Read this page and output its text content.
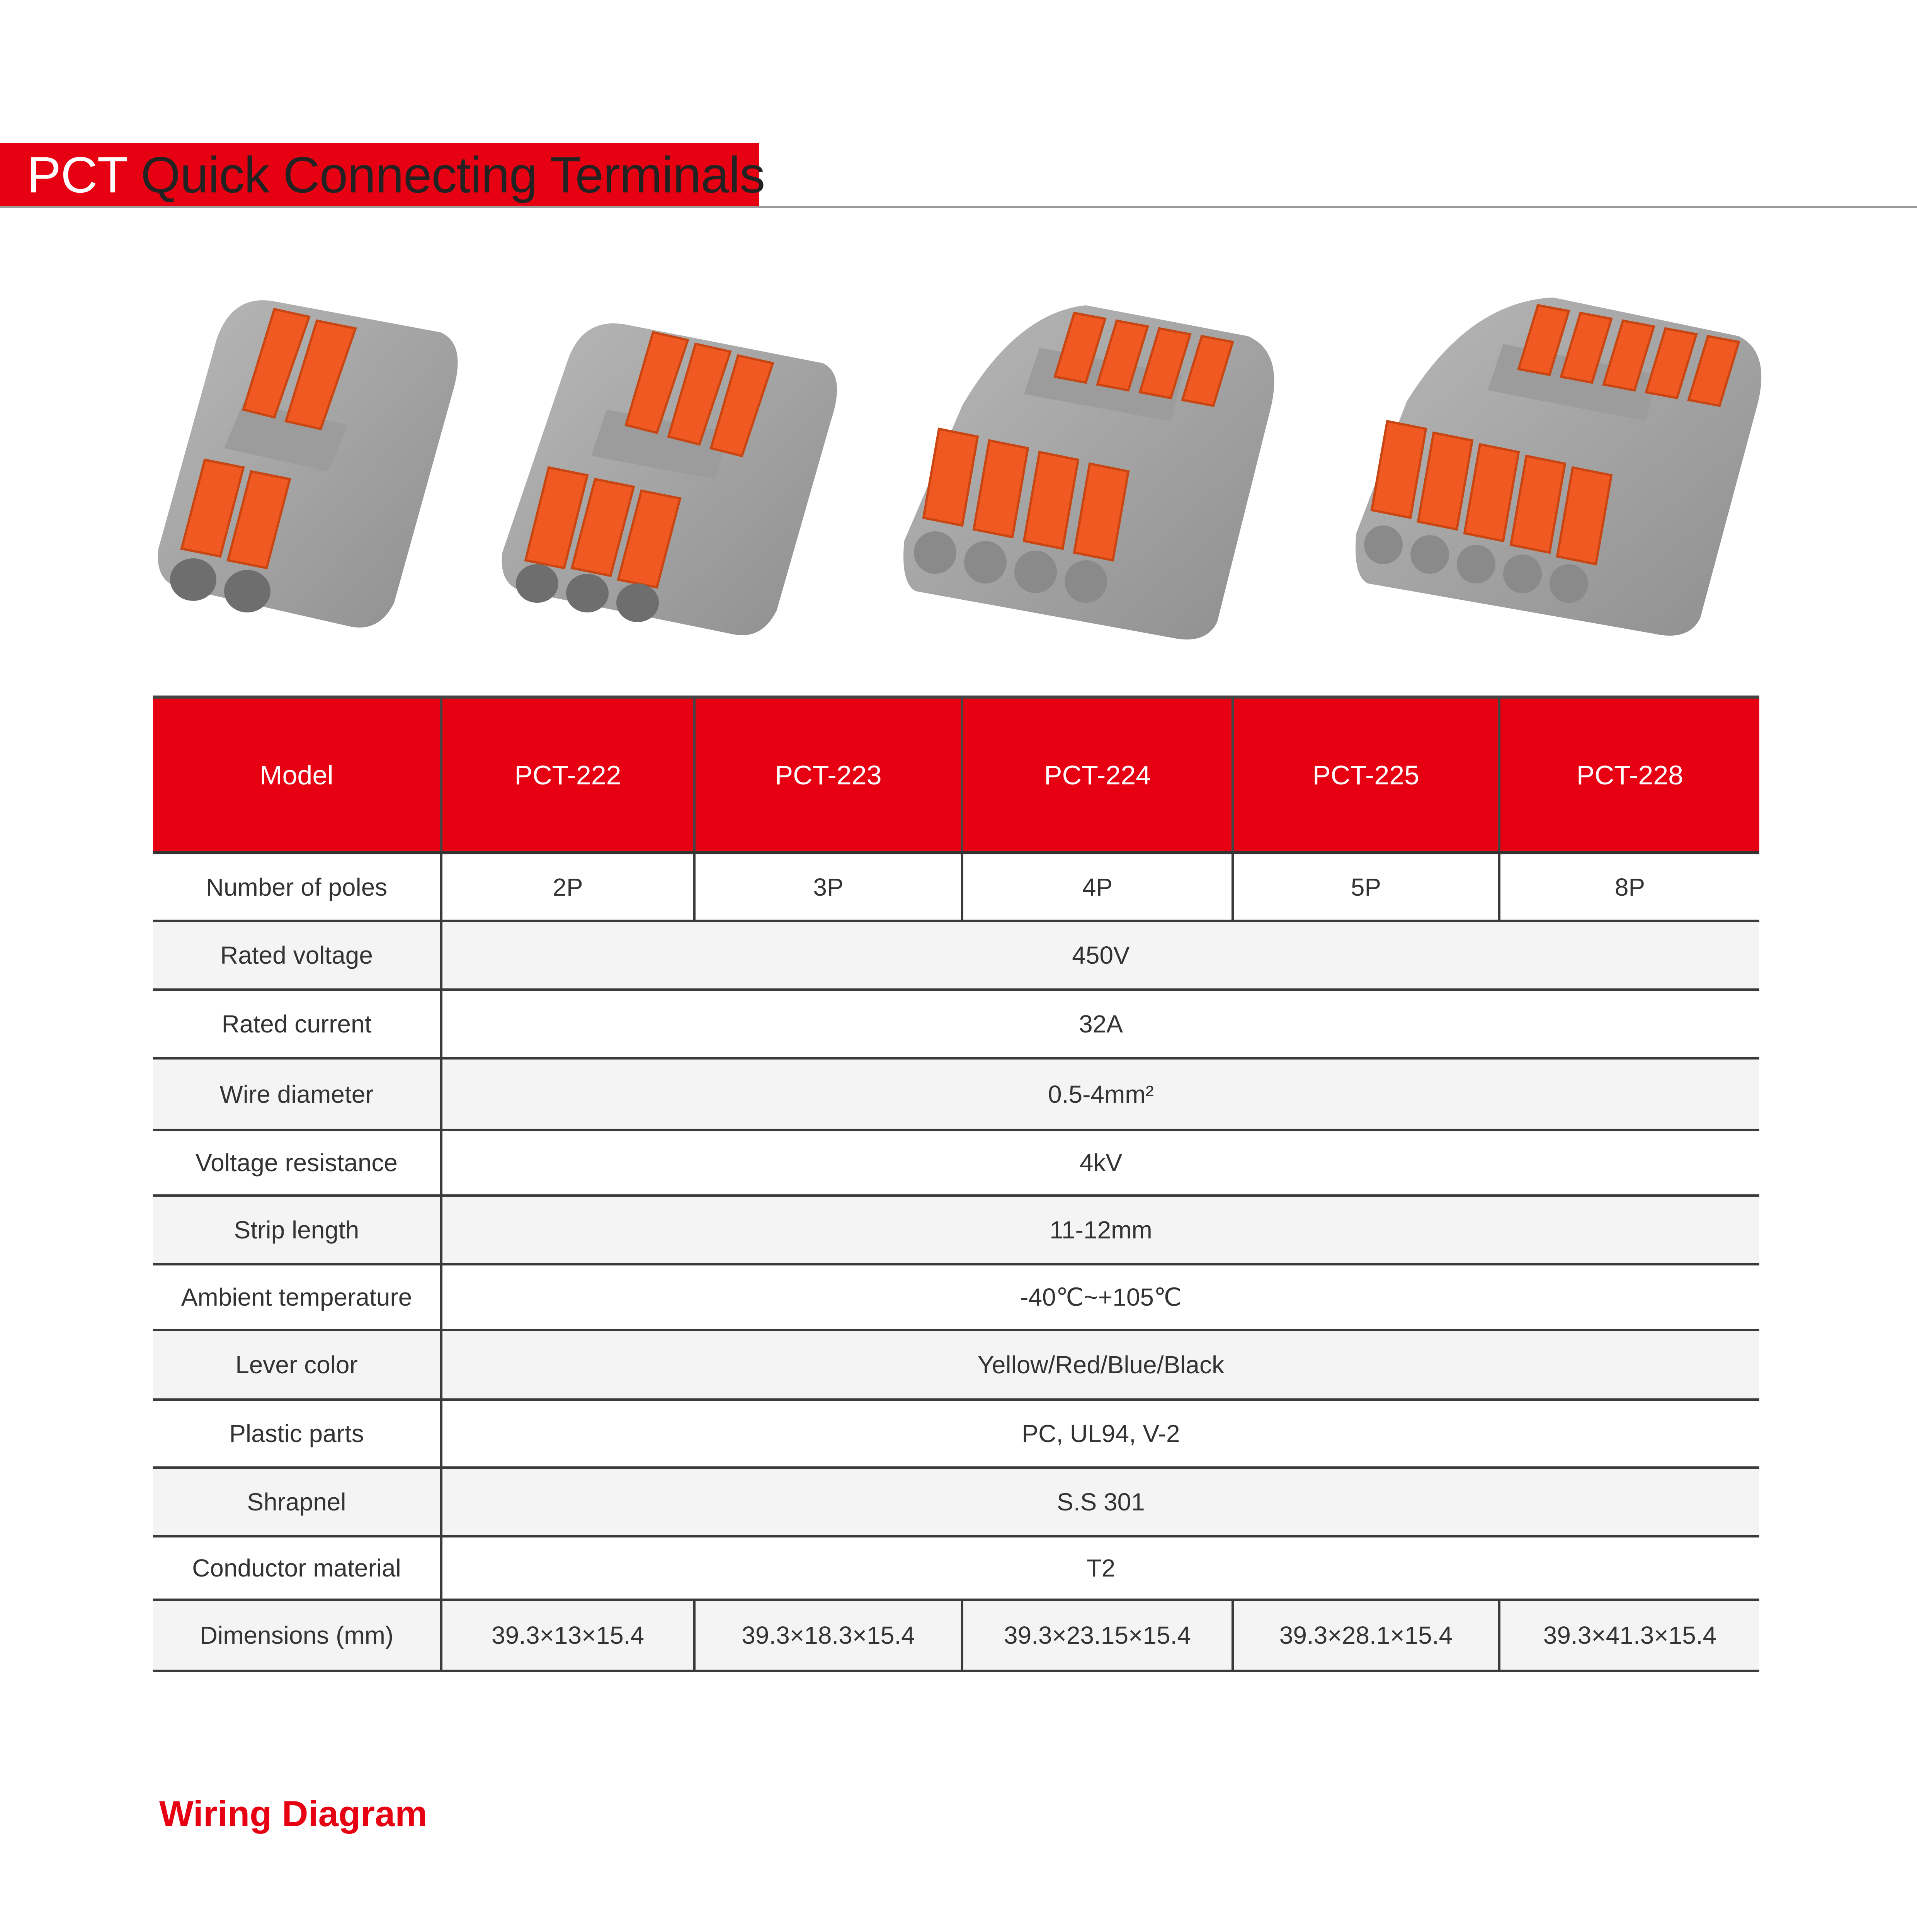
PCT Quick Connecting Terminals
Model	PCT-222	PCT-223	PCT-224	PCT-225	PCT-228
Number of poles	2P	3P	4P	5P	8P
Rated voltage	450V				
Rated current	32A				
Wire diameter	0.5-4mm²				
Voltage resistance	4kV				
Strip length	11-12mm				
Ambient temperature	-40℃~+105℃				
Lever color	Yellow/Red/Blue/Black				
Plastic parts	PC, UL94, V-2				
Shrapnel	S.S 301				
Conductor material	T2				
Dimensions (mm)	39.3×13×15.4	39.3×18.3×15.4	39.3×23.15×15.4	39.3×28.1×15.4	39.3×41.3×15.4
Wiring Diagram
